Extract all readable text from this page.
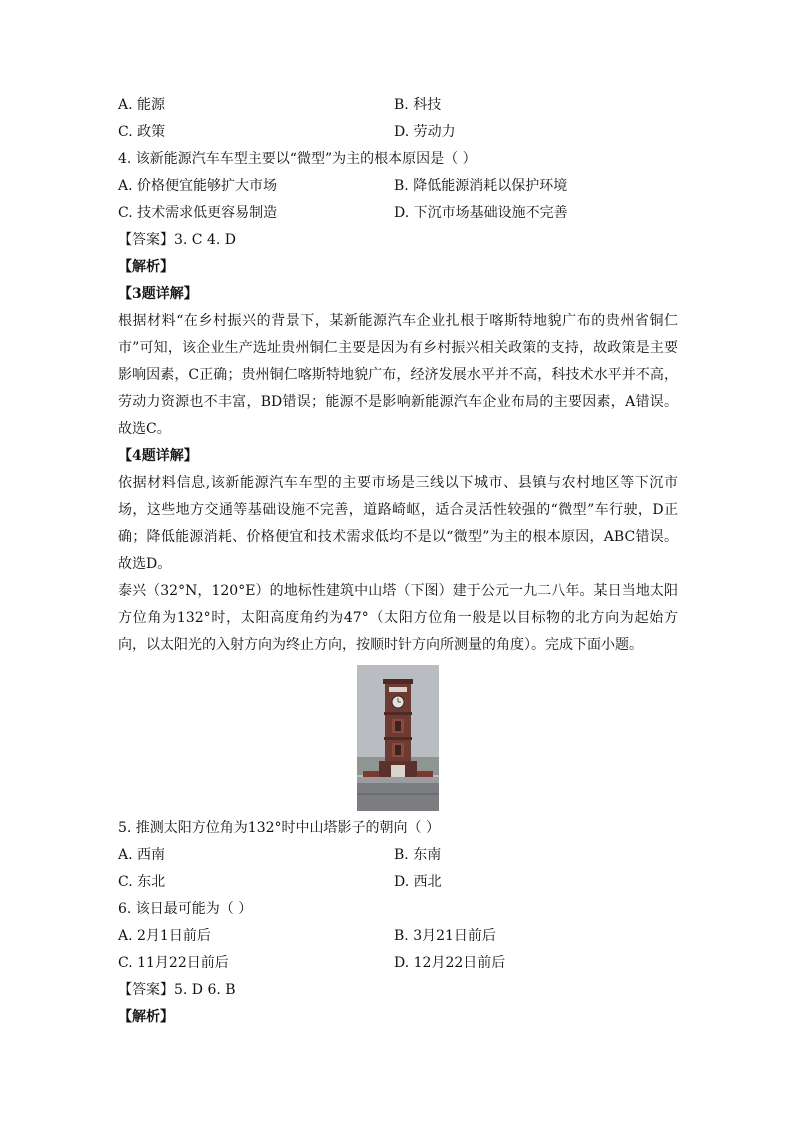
A. 能源	B. 科技
C. 政策	D. 劳动力
4. 该新能源汽车车型主要以“微型”为主的根本原因是（ ）
A. 价格便宜能够扩大市场	B. 降低能源消耗以保护环境
C. 技术需求低更容易制造	D. 下沉市场基础设施不完善
【答案】3. C 4. D
【解析】
【3题详解】
根据材料“在乡村振兴的背景下，某新能源汽车企业扎根于喀斯特地貌广布的贵州省铜仁市”可知，该企业生产选址贵州铜仁主要是因为有乡村振兴相关政策的支持，故政策是主要影响因素，C正确；贵州铜仁喀斯特地貌广布，经济发展水平并不高，科技术水平并不高，劳动力资源也不丰富，BD错误；能源不是影响新能源汽车企业布局的主要因素，A错误。故选C。
【4题详解】
依据材料信息,该新能源汽车车型的主要市场是三线以下城市、县镇与农村地区等下沉市场，这些地方交通等基础设施不完善，道路崎岖，适合灵活性较强的“微型”车行驶，D正确；降低能源消耗、价格便宜和技术需求低均不是以“微型”为主的根本原因，ABC错误。故选D。
泰兴（32°N，120°E）的地标性建筑中山塔（下图）建于公元一九二八年。某日当地太阳方位角为132°时，太阳高度角约为47°（太阳方位角一般是以目标物的北方向为起始方向，以太阳光的入射方向为终止方向，按顺时针方向所测量的角度）。完成下面小题。
5. 推测太阳方位角为132°时中山塔影子的朝向（ ）
A. 西南	B. 东南
C. 东北	D. 西北
6. 该日最可能为（ ）
A. 2月1日前后	B. 3月21日前后
C. 11月22日前后	D. 12月22日前后
【答案】5. D 6. B
【解析】
